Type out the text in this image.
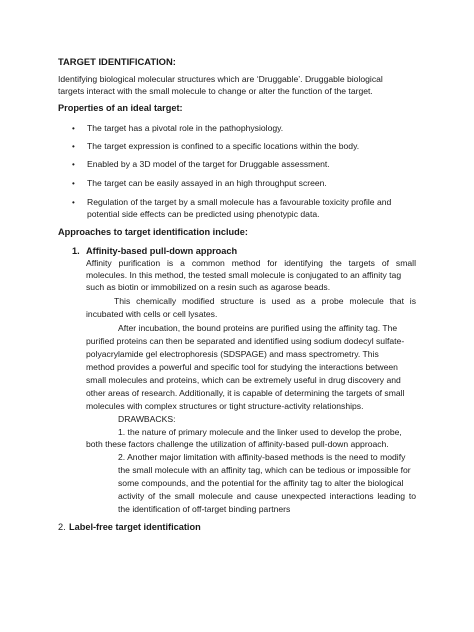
TARGET IDENTIFICATION:
Identifying biological molecular structures which are ‘Druggable’. Druggable biological
targets interact with the small molecule to change or alter the function of the target.
Properties of an ideal target:
• The target has a pivotal role in the pathophysiology.
• The target expression is confined to a specific locations within the body.
• Enabled by a 3D model of the target for Druggable assessment.
• The target can be easily assayed in an high throughput screen.
• Regulation of the target by a small molecule has a favourable toxicity profile and
potential side effects can be predicted using phenotypic data.
Approaches to target identification include:
1. Affinity-based pull-down approach
Affinity purification is a common method for identifying the targets of small
molecules. In this method, the tested small molecule is conjugated to an affinity tag
such as biotin or immobilized on a resin such as agarose beads.
This chemically modified structure is used as a probe molecule that is
incubated with cells or cell lysates.
After incubation, the bound proteins are purified using the affinity tag. The
purified proteins can then be separated and identified using sodium dodecyl sulfate-
polyacrylamide gel electrophoresis (SDSPAGE) and mass spectrometry. This
method provides a powerful and specific tool for studying the interactions between
small molecules and proteins, which can be extremely useful in drug discovery and
other areas of research. Additionally, it is capable of determining the targets of small
molecules with complex structures or tight structure-activity relationships.
DRAWBACKS:
1. the nature of primary molecule and the linker used to develop the probe,
both these factors challenge the utilization of affinity-based pull-down approach.
2. Another major limitation with affinity-based methods is the need to modify
the small molecule with an affinity tag, which can be tedious or impossible for
some compounds, and the potential for the affinity tag to alter the biological
activity of the small molecule and cause unexpected interactions leading to
the identification of off-target binding partners
2. Label-free target identification
